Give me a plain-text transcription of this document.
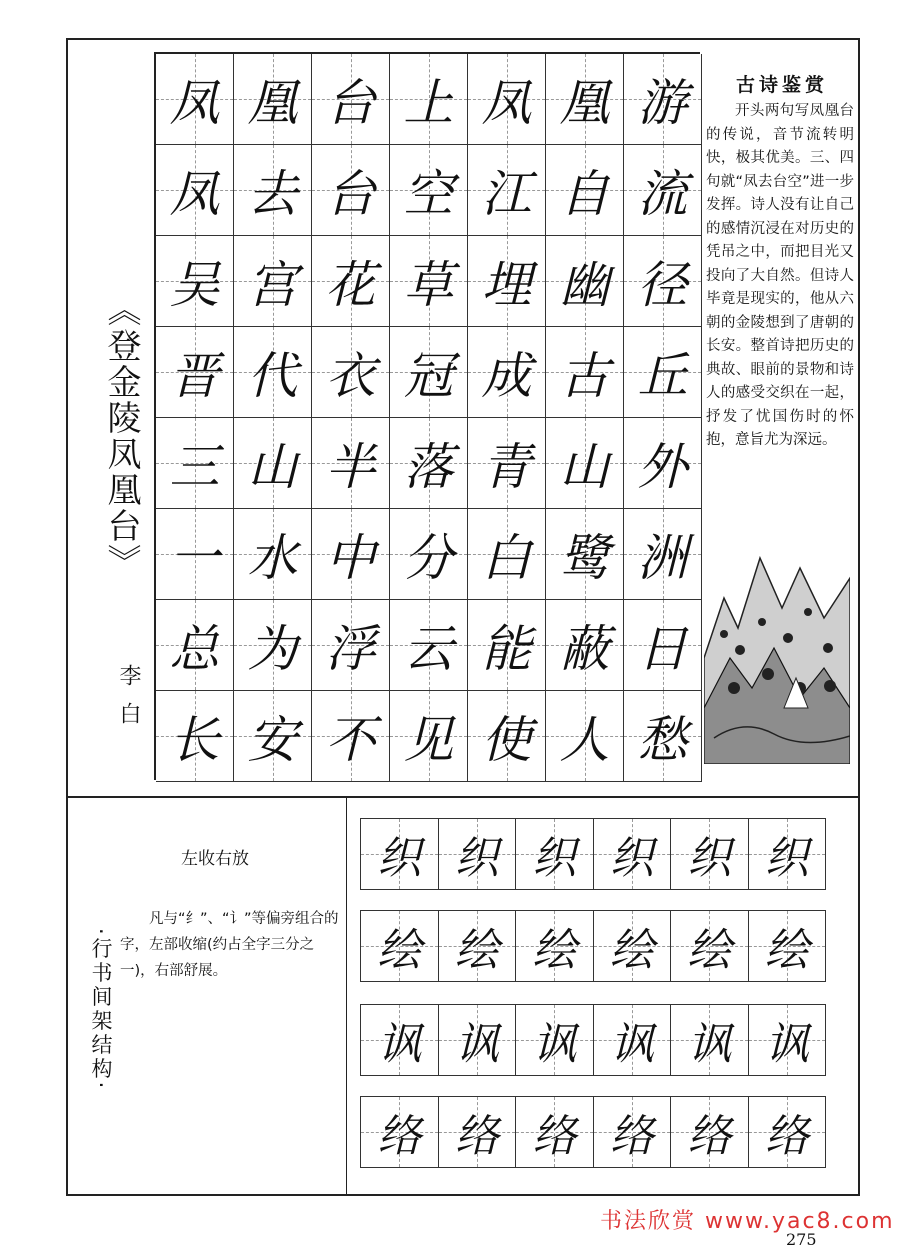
《登金陵凤凰台》
李白
凤 凰 台 上 凤 凰 游
凤 去 台 空 江 自 流
吴 宫 花 草 埋 幽 径
晋 代 衣 冠 成 古 丘
三 山 半 落 青 山 外
一 水 中 分 白 鹭 洲
总 为 浮 云 能 蔽 日
长 安 不 见 使 人 愁
古诗鉴赏
开头两句写凤凰台的传说，音节流转明快，极其优美。三、四句就“凤去台空”进一步发挥。诗人没有让自己的感情沉浸在对历史的凭吊之中，而把目光又投向了大自然。但诗人毕竟是现实的，他从六朝的金陵想到了唐朝的长安。整首诗把历史的典故、眼前的景物和诗人的感受交织在一起，抒发了忧国伤时的怀抱，意旨尤为深远。
左收右放
凡与“纟”、“讠”等偏旁组合的字，左部收缩(约占全字三分之一)，右部舒展。
·行书间架结构·
织 织 织 织 织 织
绘 绘 绘 绘 绘 绘
讽 讽 讽 讽 讽 讽
络 络 络 络 络 络
书法欣赏 www.yac8.com
275
